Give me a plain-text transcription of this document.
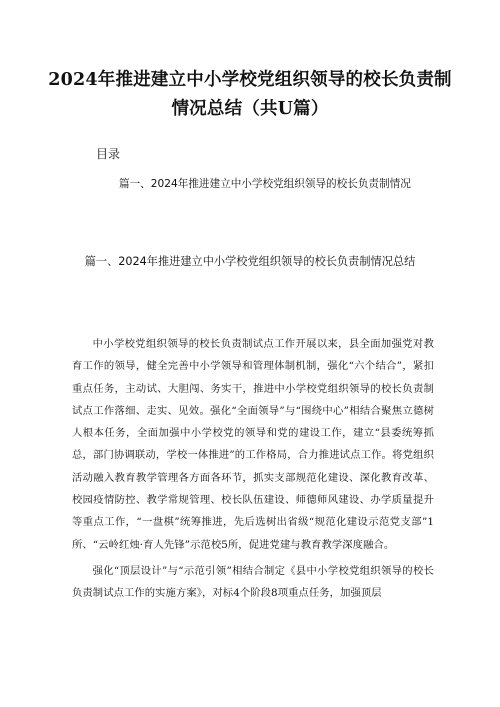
2024年推进建立中小学校党组织领导的校长负责制情况总结（共U篇）
目录
篇一、2024年推进建立中小学校党组织领导的校长负责制情况
篇一、2024年推进建立中小学校党组织领导的校长负责制情况总结

中小学校党组织领导的校长负责制试点工作开展以来，县全面加强党对教育工作的领导，健全完善中小学领导和管理体制机制，强化“六个结合”，紧扣重点任务，主动试、大胆闯、务实干，推进中小学校党组织领导的校长负责制试点工作落细、走实、见效。强化“全面领导”与“围绕中心”相结合聚焦立德树人根本任务，全面加强中小学校党的领导和党的建设工作，建立“县委统筹抓总，部门协调联动，学校一体推进”的工作格局，合力推进试点工作。将党组织活动融入教育教学管理各方面各环节，抓实支部规范化建设、深化教育改革、校园疫情防控、教学常规管理、校长队伍建设、师德师风建设、办学质量提升等重点工作，“一盘棋”统筹推进，先后选树出省级“规范化建设示范党支部”1所、“云岭红烛·育人先锋”示范校5所，促进党建与教育教学深度融合。

强化“顶层设计”与“示范引领”相结合制定《县中小学校党组织领导的校长负责制试点工作的实施方案》，对标4个阶段8项重点任务，加强顶层
